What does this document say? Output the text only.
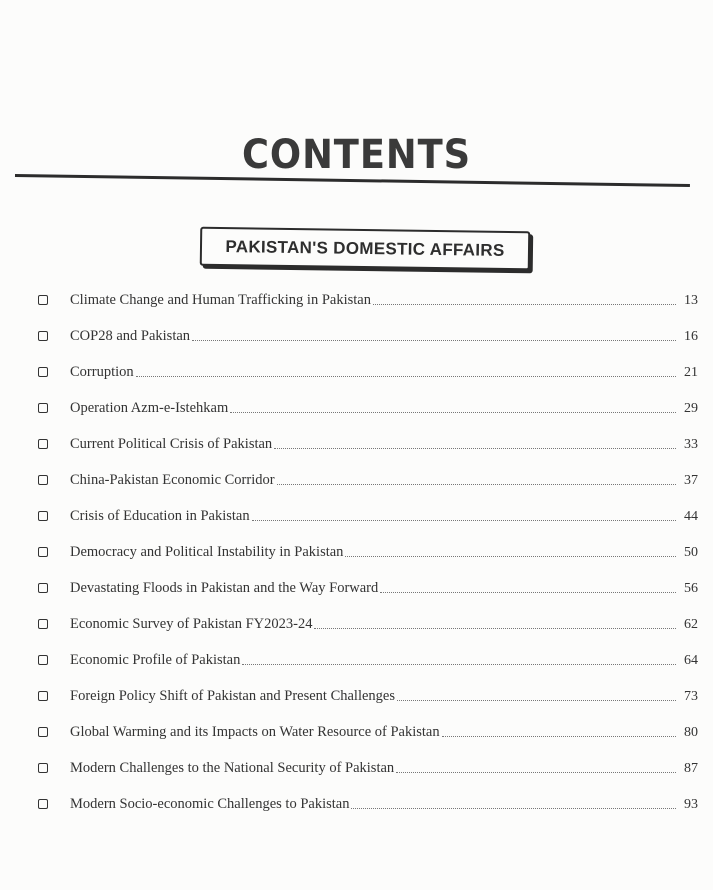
CONTENTS
PAKISTAN'S DOMESTIC AFFAIRS
Climate Change and Human Trafficking in Pakistan	13
COP28 and Pakistan	16
Corruption	21
Operation Azm-e-Istehkam	29
Current Political Crisis of Pakistan	33
China-Pakistan Economic Corridor	37
Crisis of Education in Pakistan	44
Democracy and Political Instability in Pakistan	50
Devastating Floods in Pakistan and the Way Forward	56
Economic Survey of Pakistan FY2023-24	62
Economic Profile of Pakistan	64
Foreign Policy Shift of Pakistan and Present Challenges	73
Global Warming and its Impacts on Water Resource of Pakistan	80
Modern Challenges to the National Security of Pakistan	87
Modern Socio-economic Challenges to Pakistan	93
